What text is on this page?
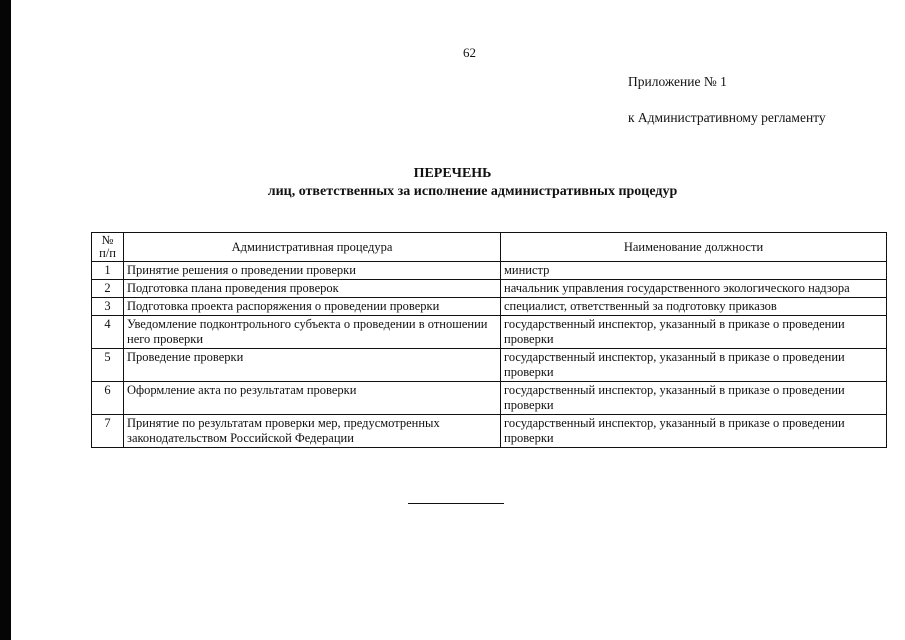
62
Приложение № 1
к Административному регламенту
ПЕРЕЧЕНЬ
лиц, ответственных за исполнение административных процедур
№
п/п	Административная процедура	Наименование должности
1	Принятие решения о проведении проверки	министр
2	Подготовка плана проведения проверок	начальник управления государственного экологического надзора
3	Подготовка проекта распоряжения о проведении проверки	специалист, ответственный за подготовку приказов
4	Уведомление подконтрольного субъекта о проведении в отношении него проверки	государственный инспектор, указанный в приказе о проведении проверки
5	Проведение проверки	государственный инспектор, указанный в приказе о проведении проверки
6	Оформление акта по результатам проверки	государственный инспектор, указанный в приказе о проведении проверки
7	Принятие по результатам проверки мер, предусмотренных законодательством Российской Федерации	государственный инспектор, указанный в приказе о проведении проверки
